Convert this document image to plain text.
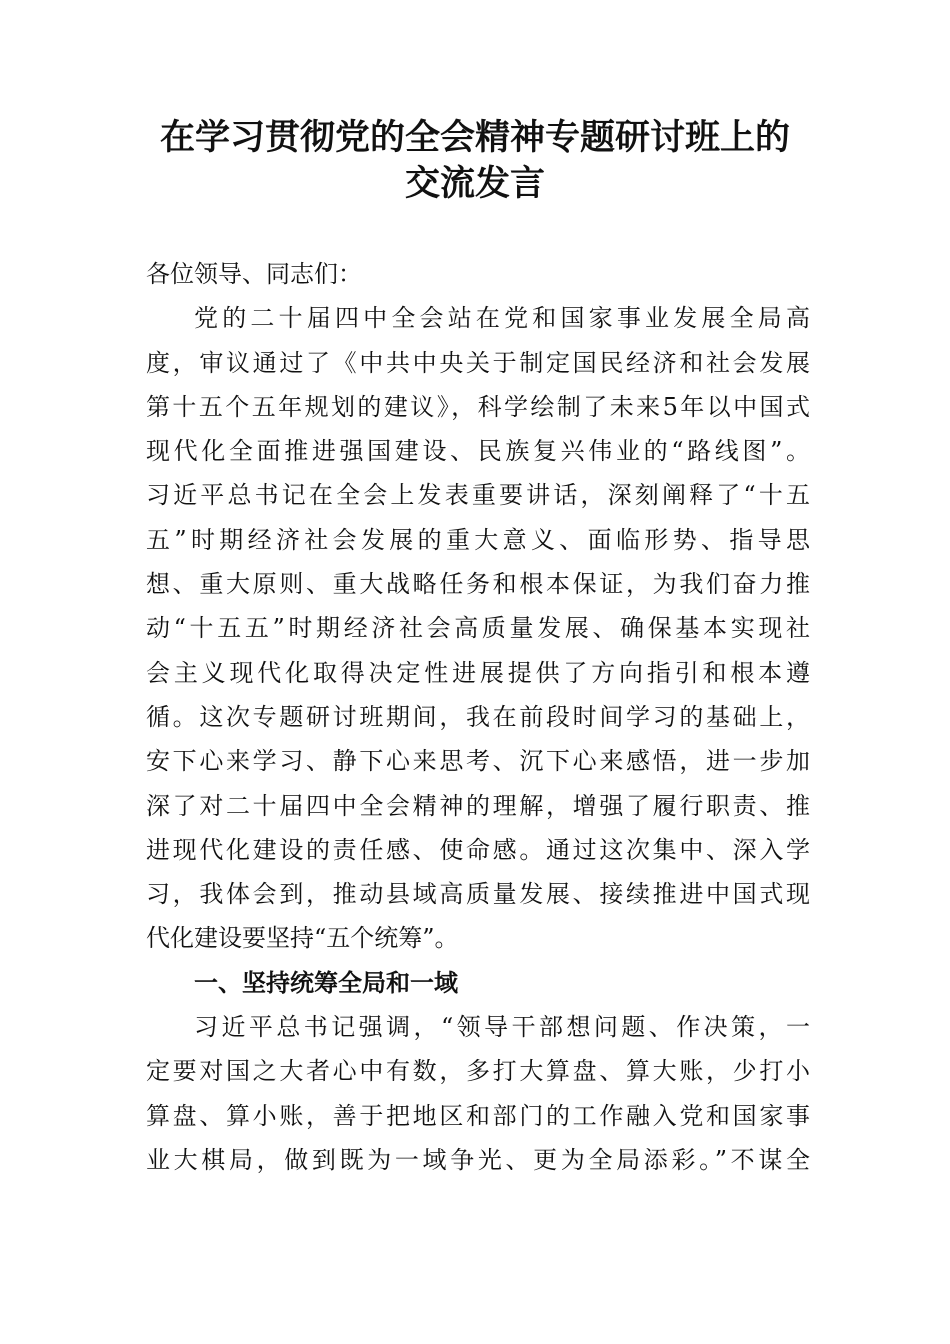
在学习贯彻党的全会精神专题研讨班上的
交流发言
各位领导、同志们：
党的二十届四中全会站在党和国家事业发展全局高
度，审议通过了《中共中央关于制定国民经济和社会发展
第十五个五年规划的建议》，科学绘制了未来5年以中国式
现代化全面推进强国建设、民族复兴伟业的“路线图”。
习近平总书记在全会上发表重要讲话，深刻阐释了“十五
五”时期经济社会发展的重大意义、面临形势、指导思
想、重大原则、重大战略任务和根本保证，为我们奋力推
动“十五五”时期经济社会高质量发展、确保基本实现社
会主义现代化取得决定性进展提供了方向指引和根本遵
循。这次专题研讨班期间，我在前段时间学习的基础上，
安下心来学习、静下心来思考、沉下心来感悟，进一步加
深了对二十届四中全会精神的理解，增强了履行职责、推
进现代化建设的责任感、使命感。通过这次集中、深入学
习，我体会到，推动县域高质量发展、接续推进中国式现
代化建设要坚持“五个统筹”。
一、坚持统筹全局和一域
习近平总书记强调，“领导干部想问题、作决策，一
定要对国之大者心中有数，多打大算盘、算大账，少打小
算盘、算小账，善于把地区和部门的工作融入党和国家事
业大棋局，做到既为一域争光、更为全局添彩。”不谋全
